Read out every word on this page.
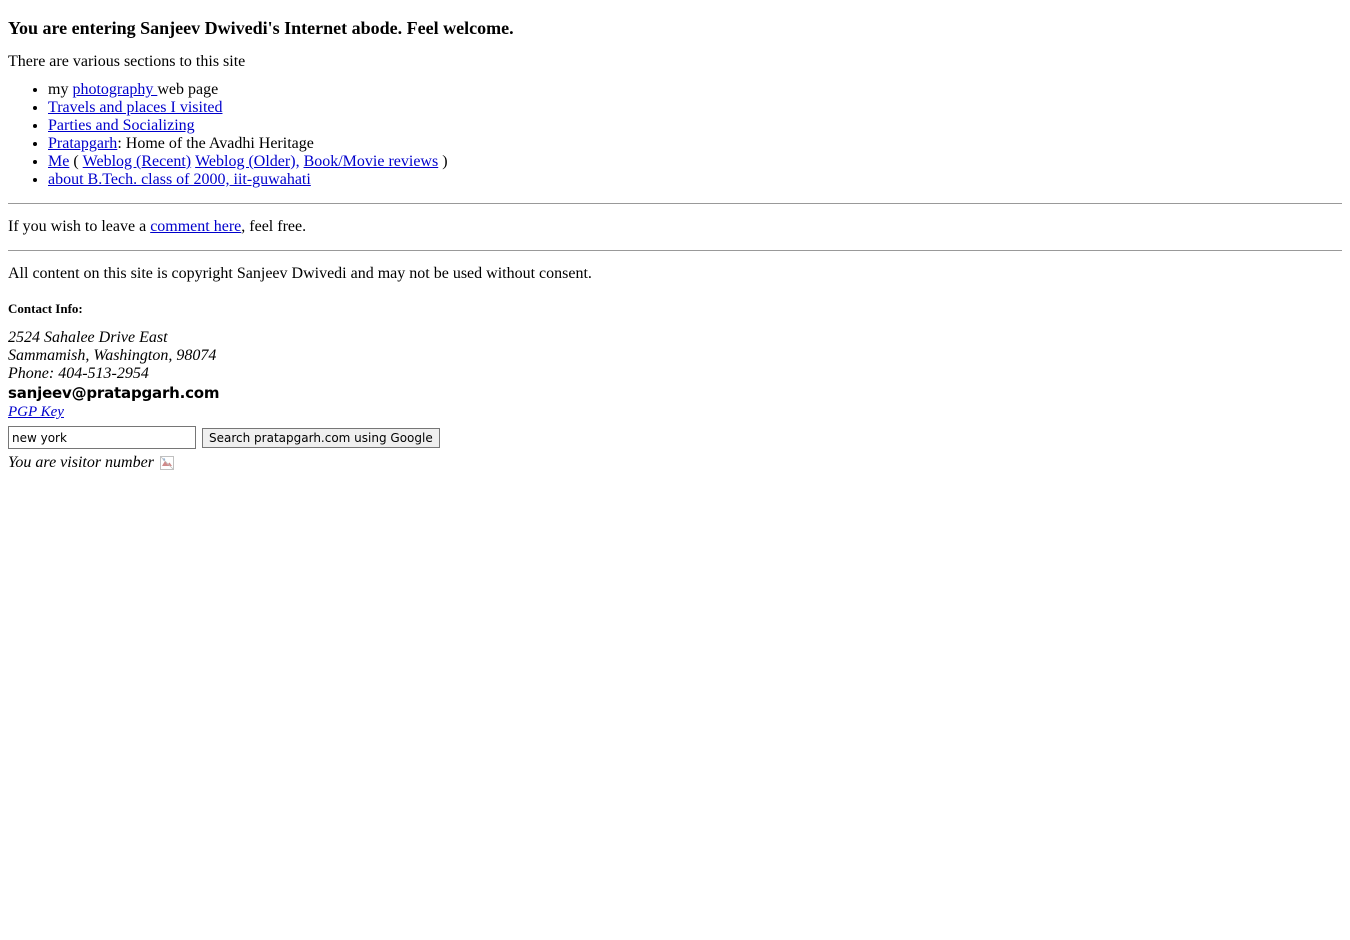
You are entering Sanjeev Dwivedi's Internet abode. Feel welcome.

There are various sections to this site

• my photography web page
• Travels and places I visited
• Parties and Socializing
• Pratapgarh: Home of the Avadhi Heritage
• Me ( Weblog (Recent) Weblog (Older), Book/Movie reviews )
• about B.Tech. class of 2000, iit-guwahati

If you wish to leave a comment here, feel free.

All content on this site is copyright Sanjeev Dwivedi and may not be used without consent.

Contact Info:
2524 Sahalee Drive East
Sammamish, Washington, 98074
Phone: 404-513-2954
sanjeev@pratapgarh.com
PGP Key
new york
Search pratapgarh.com using Google
You are visitor number
